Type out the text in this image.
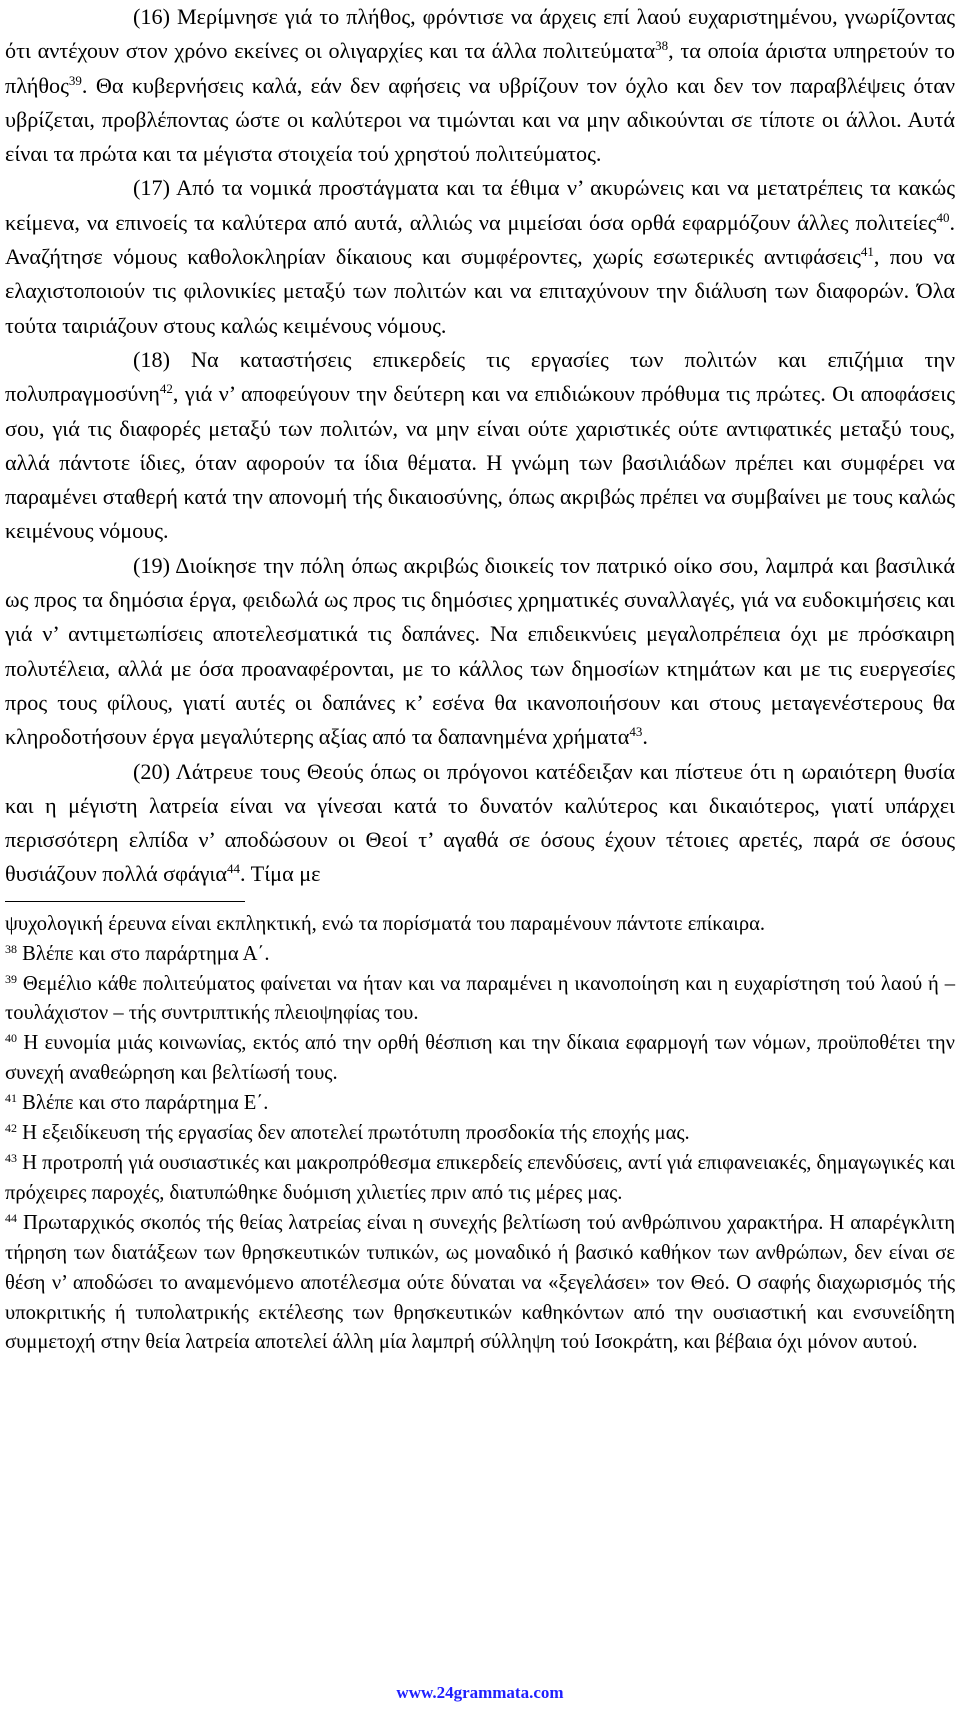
(16) Μερίμνησε γιά το πλήθος, φρόντισε να άρχεις επί λαού ευχαριστημένου, γνωρίζοντας ότι αντέχουν στον χρόνο εκείνες οι ολιγαρχίες και τα άλλα πολιτεύματα$^{38}$, τα οποία άριστα υπηρετούν το πλήθος$^{39}$. Θα κυβερνήσεις καλά, εάν δεν αφήσεις να υβρίζουν τον όχλο και δεν τον παραβλέψεις όταν υβρίζεται, προβλέποντας ώστε οι καλύτεροι να τιμώνται και να μην αδικούνται σε τίποτε οι άλλοι. Αυτά είναι τα πρώτα και τα μέγιστα στοιχεία τού χρηστού πολιτεύματος.

(17) Από τα νομικά προστάγματα και τα έθιμα ν’ ακυρώνεις και να μετατρέπεις τα κακώς κείμενα, να επινοείς τα καλύτερα από αυτά, αλλιώς να μιμείσαι όσα ορθά εφαρμόζουν άλλες πολιτείες$^{40}$. Αναζήτησε νόμους καθολοκληρίαν δίκαιους και συμφέροντες, χωρίς εσωτερικές αντιφάσεις$^{41}$, που να ελαχιστοποιούν τις φιλονικίες μεταξύ των πολιτών και να επιταχύνουν την διάλυση των διαφορών. Όλα τούτα ταιριάζουν στους καλώς κειμένους νόμους.

(18) Να καταστήσεις επικερδείς τις εργασίες των πολιτών και επιζήμια την πολυπραγμοσύνη$^{42}$, γιά ν’ αποφεύγουν την δεύτερη και να επιδιώκουν πρόθυμα τις πρώτες. Οι αποφάσεις σου, γιά τις διαφορές μεταξύ των πολιτών, να μην είναι ούτε χαριστικές ούτε αντιφατικές μεταξύ τους, αλλά πάντοτε ίδιες, όταν αφορούν τα ίδια θέματα. Η γνώμη των βασιλιάδων πρέπει και συμφέρει να παραμένει σταθερή κατά την απονομή τής δικαιοσύνης, όπως ακριβώς πρέπει να συμβαίνει με τους καλώς κειμένους νόμους.

(19) Διοίκησε την πόλη όπως ακριβώς διοικείς τον πατρικό οίκο σου, λαμπρά και βασιλικά ως προς τα δημόσια έργα, φειδωλά ως προς τις δημόσιες χρηματικές συναλλαγές, γιά να ευδοκιμήσεις και γιά ν’ αντιμετωπίσεις αποτελεσματικά τις δαπάνες. Να επιδεικνύεις μεγαλοπρέπεια όχι με πρόσκαιρη πολυτέλεια, αλλά με όσα προαναφέρονται, με το κάλλος των δημοσίων κτημάτων και με τις ευεργεσίες προς τους φίλους, γιατί αυτές οι δαπάνες κ’ εσένα θα ικανοποιήσουν και στους μεταγενέστερους θα κληροδοτήσουν έργα μεγαλύτερης αξίας από τα δαπανημένα χρήματα$^{43}$.

(20) Λάτρευε τους Θεούς όπως οι πρόγονοι κατέδειξαν και πίστευε ότι η ωραιότερη θυσία και η μέγιστη λατρεία είναι να γίνεσαι κατά το δυνατόν καλύτερος και δικαιότερος, γιατί υπάρχει περισσότερη ελπίδα ν’ αποδώσουν οι Θεοί τ’ αγαθά σε όσους έχουν τέτοιες αρετές, παρά σε όσους θυσιάζουν πολλά σφάγια$^{44}$. Τίμα με

ψυχολογική έρευνα είναι εκπληκτική, ενώ τα πορίσματά του παραμένουν πάντοτε επίκαιρα.

$^{38}$ Βλέπε και στο παράρτημα Α΄.

$^{39}$ Θεμέλιο κάθε πολιτεύματος φαίνεται να ήταν και να παραμένει η ικανοποίηση και η ευχαρίστηση τού λαού ή – τουλάχιστον – τής συντριπτικής πλειοψηφίας του.

$^{40}$ Η ευνομία μιάς κοινωνίας, εκτός από την ορθή θέσπιση και την δίκαια εφαρμογή των νόμων, προϋποθέτει την συνεχή αναθεώρηση και βελτίωσή τους.

$^{41}$ Βλέπε και στο παράρτημα Ε΄.

$^{42}$ Η εξειδίκευση τής εργασίας δεν αποτελεί πρωτότυπη προσδοκία τής εποχής μας.

$^{43}$ Η προτροπή γιά ουσιαστικές και μακροπρόθεσμα επικερδείς επενδύσεις, αντί γιά επιφανειακές, δημαγωγικές και πρόχειρες παροχές, διατυπώθηκε δυόμιση χιλιετίες πριν από τις μέρες μας.

$^{44}$ Πρωταρχικός σκοπός τής θείας λατρείας είναι η συνεχής βελτίωση τού ανθρώπινου χαρακτήρα. Η απαρέγκλιτη τήρηση των διατάξεων των θρησκευτικών τυπικών, ως μοναδικό ή βασικό καθήκον των ανθρώπων, δεν είναι σε θέση ν’ αποδώσει το αναμενόμενο αποτέλεσμα ούτε δύναται να «ξεγελάσει» τον Θεό. Ο σαφής διαχωρισμός τής υποκριτικής ή τυπολατρικής εκτέλεσης των θρησκευτικών καθηκόντων από την ουσιαστική και ενσυνείδητη συμμετοχή στην θεία λατρεία αποτελεί άλλη μία λαμπρή σύλληψη τού Ισοκράτη, και βέβαια όχι μόνον αυτού.

www.24grammata.com
